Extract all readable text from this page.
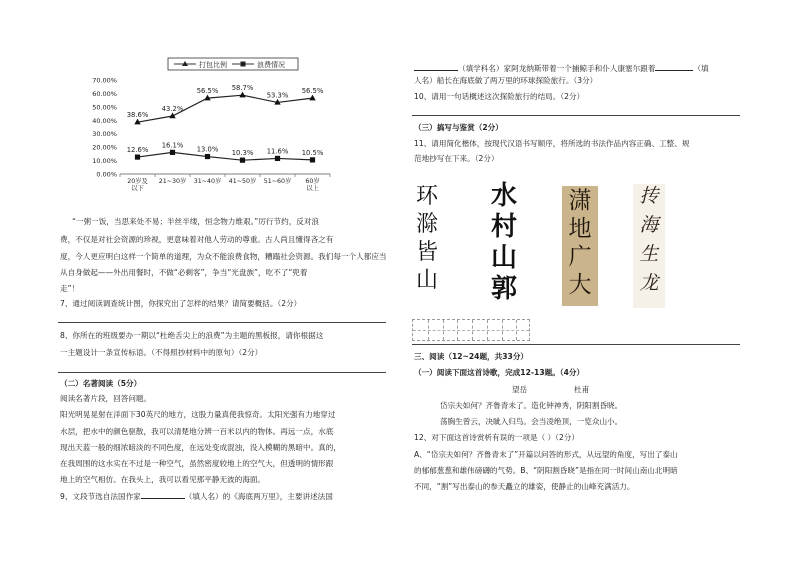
打包比例	浪费情况
0.00%
10.00%
20.00%
30.00%
40.00%
50.00%
60.00%
70.00%
20岁及以下
21~30岁 31~40岁 41~50岁 51~60岁 60岁以上
38.6%
43.2%
56.5% 58.7%
53.3%
56.5%
12.6%
16.1%
13.0% 10.3% 11.6% 10.5%
“一粥一饭，当思来处不易；半丝半缕，恒念物力维艰。”厉行节约，反对浪
费，不仅是对社会资源的珍视，更意味着对他人劳动的尊重。古人尚且懂得吝之有
度，今人更应明白这样一个简单的道理，为众不能浪费食物，糟蹋社会资源。我们每一个人都应当
从自身做起——外出用餐时，不做“必剩客”，争当“光盘族”，吃不了“兜着
走”！
7、通过阅读调查统计图，你探究出了怎样的结果？请简要概括。（2分）
8、你所在的班级要办一期以“杜绝舌尖上的浪费”为主题的黑板报，请你根据这
一主题设计一条宣传标语。（不得照抄材料中的原句）（2分）
（二）名著阅读（5分）
阅读名著片段，回答问题。
阳光明晃晃射在洋面下30英尺的地方，这股力量真使我惊奇。太阳光强有力地穿过
水层，把水中的颜色驱散，我可以清楚地分辨一百米以内的物体。再远一点，水底
现出天蓝一般的细浓暗淡的不同色度，在远处变成混浊，没入模糊的黑暗中。真的，
在我周围的这水实在不过是一种空气，虽然密度较地上的空气大，但透明的情形跟
地上的空气相仿。在我头上，我可以看见那平静无波的海面。
9、文段节选自法国作家	（填人名）的《海底两万里》，主要讲述法国
（填学科名）家阿龙纳斯带着一个捕鲸手和仆人康塞尔跟着	（填
人名）船长在海底做了两万里的环球探险旅行。（3分）
10、请用一句话概述这次探险旅行的结局。（2分）
（三）搞写与鉴赏（2分）
11、请用简化楷体，按现代汉语书写顺序，将所选的书法作品内容正确、工整、规
范地抄写在下来。（2分）
三、阅读（12~24题，共33分）
（一）阅读下面这首诗歌，完成12-13题。（4分）
望岳	杜甫
岱宗夫如何？齐鲁青未了。造化钟神秀，阴阳割昏晓。
荡胸生曾云，决眦入归鸟。会当凌绝顶，一览众山小。
12、对下面这首诗赏析有误的一项是（ ）（2分）
A、“岱宗夫如何？齐鲁青未了”开篇以问答的形式，从远望的角度，写出了泰山
的郁郁葱葱和雄伟磅礴的气势。B、“阴阳割昏晓”是指在同一时间山南山北明暗
不同，“割”写出泰山的参天矗立的雄姿，使静止的山峰充满活力。
环
滁
皆
山
水
村
山
郭
潇
地
广
大
抟
海
生
龙
